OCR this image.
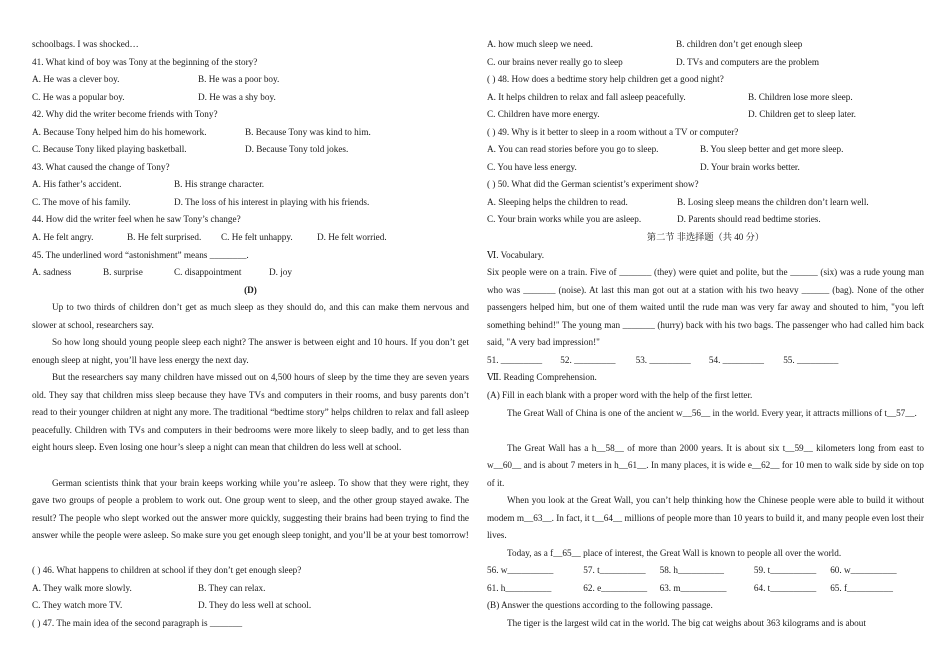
schoolbags. I was shocked…
41. What kind of boy was Tony at the beginning of the story?
A. He was a clever boy.	B. He was a poor boy.
C. He was a popular boy.	D. He was a shy boy.
42. Why did the writer become friends with Tony?
A. Because Tony helped him do his homework.	B. Because Tony was kind to him.
C. Because Tony liked playing basketball.	D. Because Tony told jokes.
43. What caused the change of Tony?
A. His father’s accident.	B. His strange character.
C. The move of his family.	D. The loss of his interest in playing with his friends.
44. How did the writer feel when he saw Tony’s change?
A. He felt angry.	B. He felt surprised.	C. He felt unhappy.	D. He felt worried.
45. The underlined word “astonishment” means ________.
A. sadness	B. surprise	C. disappointment	D. joy
(D)
Up to two thirds of children don’t get as much sleep as they should do, and this can make them nervous and slower at school, researchers say.
So how long should young people sleep each night? The answer is between eight and 10 hours. If you don’t get enough sleep at night, you’ll have less energy the next day.
But the researchers say many children have missed out on 4,500 hours of sleep by the time they are seven years old. They say that children miss sleep because they have TVs and computers in their rooms, and busy parents don’t read to their younger children at night any more. The traditional “bedtime story” helps children to relax and fall asleep peacefully. Children with TVs and computers in their bedrooms were more likely to sleep badly, and to get less than eight hours sleep. Even losing one hour’s sleep a night can mean that children do less well at school.
German scientists think that your brain keeps working while you’re asleep. To show that they were right, they gave two groups of people a problem to work out. One group went to sleep, and the other group stayed awake. The result? The people who slept worked out the answer more quickly, suggesting their brains had been trying to find the answer while the people were asleep. So make sure you get enough sleep tonight, and you’ll be at your best tomorrow!
( ) 46. What happens to children at school if they don’t get enough sleep?
A. They walk more slowly.	B. They can relax.
C. They watch more TV.	D. They do less well at school.
( ) 47. The main idea of the second paragraph is _______
A. how much sleep we need.	B. children don’t get enough sleep
C. our brains never really go to sleep	D. TVs and computers are the problem
( ) 48. How does a bedtime story help children get a good night?
A. It helps children to relax and fall asleep peacefully.	B. Children lose more sleep.
C. Children have more energy.	D. Children get to sleep later.
( ) 49. Why is it better to sleep in a room without a TV or computer?
A. You can read stories before you go to sleep.	B. You sleep better and get more sleep.
C. You have less energy.	D. Your brain works better.
( ) 50. What did the German scientist’s experiment show?
A. Sleeping helps the children to read.	B. Losing sleep means the children don’t learn well.
C. Your brain works while you are asleep.	D. Parents should read bedtime stories.
第二节 非选择题（共 40 分）
Ⅵ. Vocabulary.
Six people were on a train. Five of _______ (they) were quiet and polite, but the ______ (six) was a rude young man who was _______ (noise). At last this man got out at a station with his two heavy ______ (bag). None of the other passengers helped him, but one of them waited until the rude man was very far away and shouted to him, "you left something behind!" The young man _______ (hurry) back with his two bags. The passenger who had called him back said, "A very bad impression!"
51. _________ 52. _________ 53. _________ 54. _________ 55. _________
Ⅶ. Reading Comprehension.
(A) Fill in each blank with a proper word with the help of the first letter.
The Great Wall of China is one of the ancient w__56__ in the world. Every year, it attracts millions of t__57__.
The Great Wall has a h__58__ of more than 2000 years. It is about six t__59__ kilometers long from east to w__60__ and is about 7 meters in h__61__. In many places, it is wide e__62__ for 10 men to walk side by side on top of it.
When you look at the Great Wall, you can’t help thinking how the Chinese people were able to build it without modem m__63__. In fact, it t__64__ millions of people more than 10 years to build it, and many people even lost their lives.
Today, as a f__65__ place of interest, the Great Wall is known to people all over the world.
56. w__________	57. t__________ 58. h__________	59. t__________ 60. w__________
61. h__________	62. e__________ 63. m__________	64. t__________ 65. f__________
(B) Answer the questions according to the following passage.
The tiger is the largest wild cat in the world. The big cat weighs about 363 kilograms and is about
